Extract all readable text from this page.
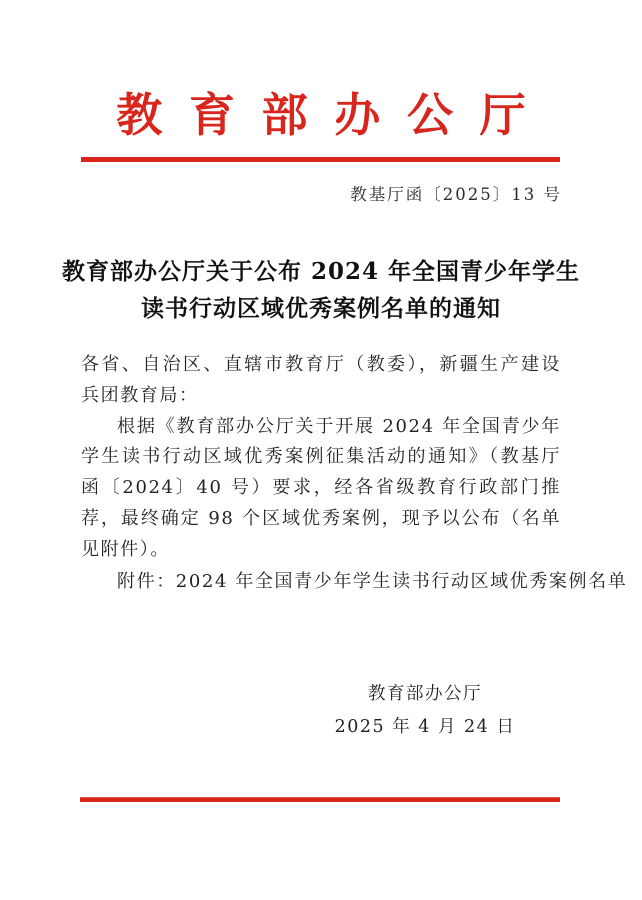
教育部办公厅
教基厅函〔2025〕13 号
教育部办公厅关于公布 2024 年全国青少年学生
读书行动区域优秀案例名单的通知

各省、自治区、直辖市教育厅（教委），新疆生产建设兵团教育局：

根据《教育部办公厅关于开展 2024 年全国青少年学生读书行动区域优秀案例征集活动的通知》（教基厅函〔2024〕40 号）要求，经各省级教育行政部门推荐，最终确定 98 个区域优秀案例，现予以公布（名单见附件）。

附件：2024 年全国青少年学生读书行动区域优秀案例名单
教育部办公厅
2025 年 4 月 24 日
